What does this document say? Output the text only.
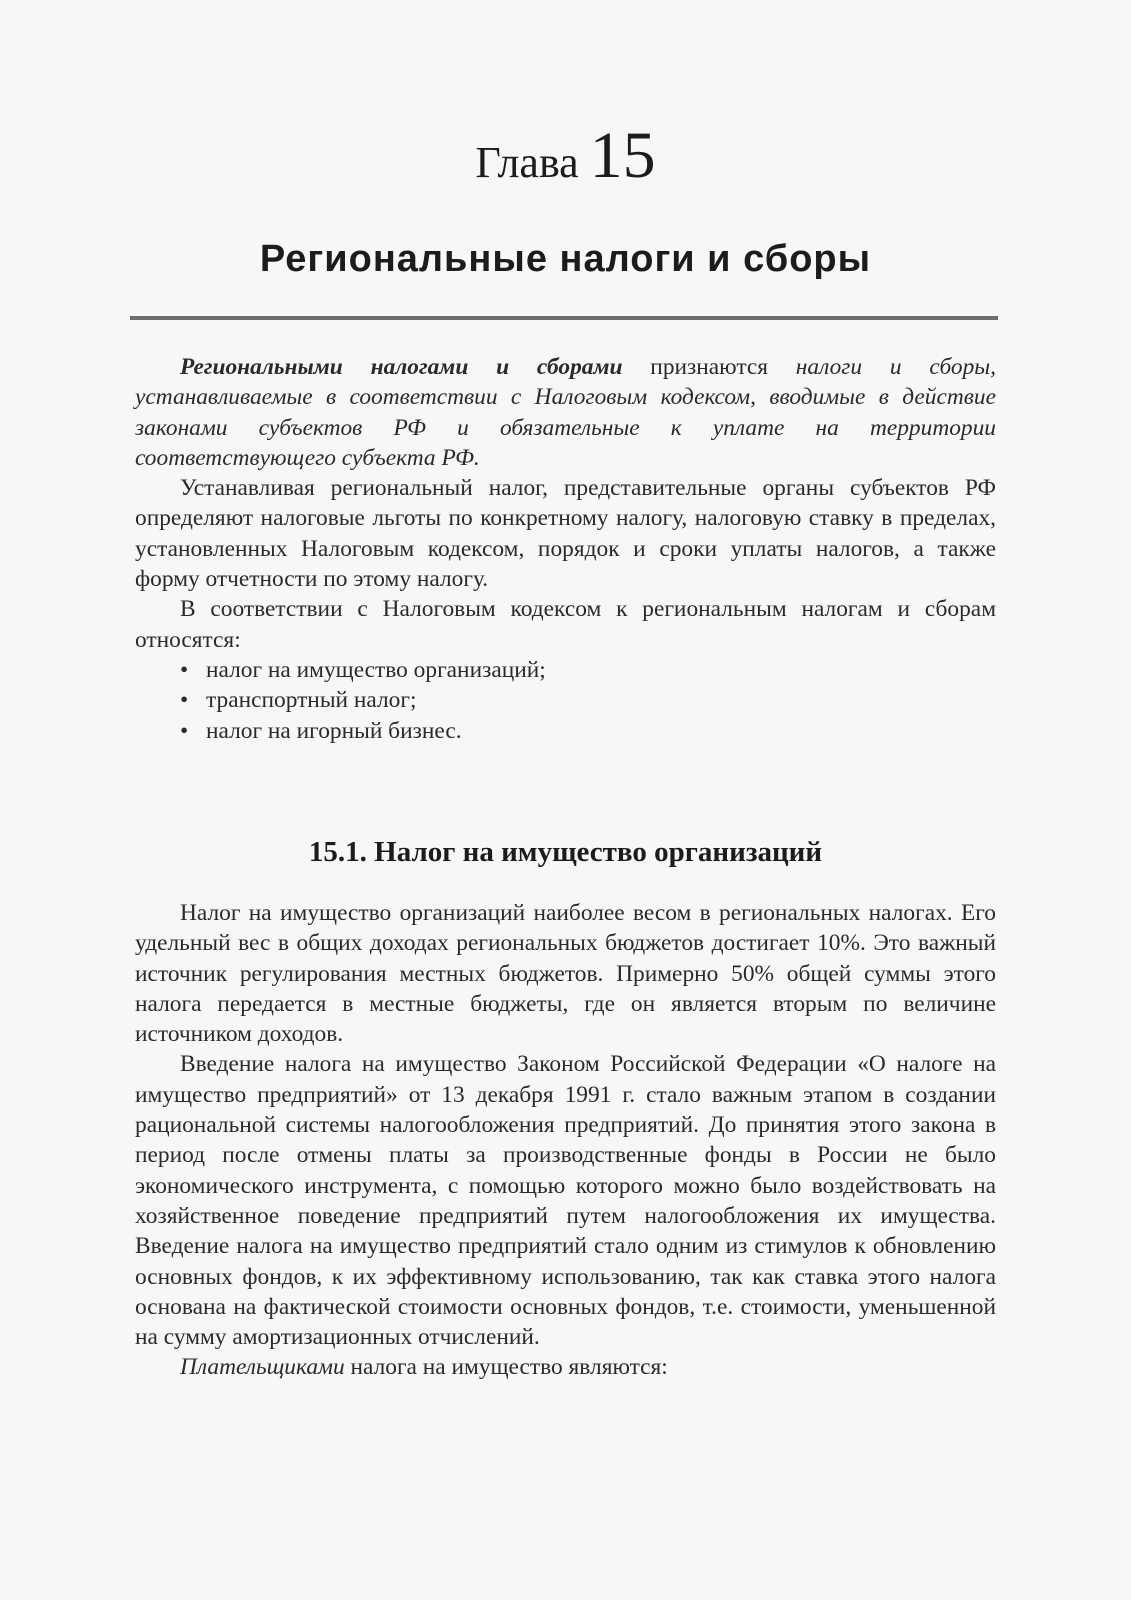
Глава 15
Региональные налоги и сборы

Региональными налогами и сборами признаются налоги и сборы, устанавливаемые в соответствии с Налоговым кодексом, вводимые в действие законами субъектов РФ и обязательные к уплате на территории соответствующего субъекта РФ.

Устанавливая региональный налог, представительные органы субъектов РФ определяют налоговые льготы по конкретному налогу, налоговую ставку в пределах, установленных Налоговым кодексом, порядок и сроки уплаты налогов, а также форму отчетности по этому налогу.

В соответствии с Налоговым кодексом к региональным налогам и сборам относятся:

• налог на имущество организаций;
• транспортный налог;
• налог на игорный бизнес.
15.1. Налог на имущество организаций

Налог на имущество организаций наиболее весом в региональных налогах. Его удельный вес в общих доходах региональных бюджетов достигает 10%. Это важный источник регулирования местных бюджетов. Примерно 50% общей суммы этого налога передается в местные бюджеты, где он является вторым по величине источником доходов.

Введение налога на имущество Законом Российской Федерации «О налоге на имущество предприятий» от 13 декабря 1991 г. стало важным этапом в создании рациональной системы налогообложения предприятий. До принятия этого закона в период после отмены платы за производственные фонды в России не было экономического инструмента, с помощью которого можно было воздействовать на хозяйственное поведение предприятий путем налогообложения их имущества. Введение налога на имущество предприятий стало одним из стимулов к обновлению основных фондов, к их эффективному использованию, так как ставка этого налога основана на фактической стоимости основных фондов, т.е. стоимости, уменьшенной на сумму амортизационных отчислений.

Плательщиками налога на имущество являются:
